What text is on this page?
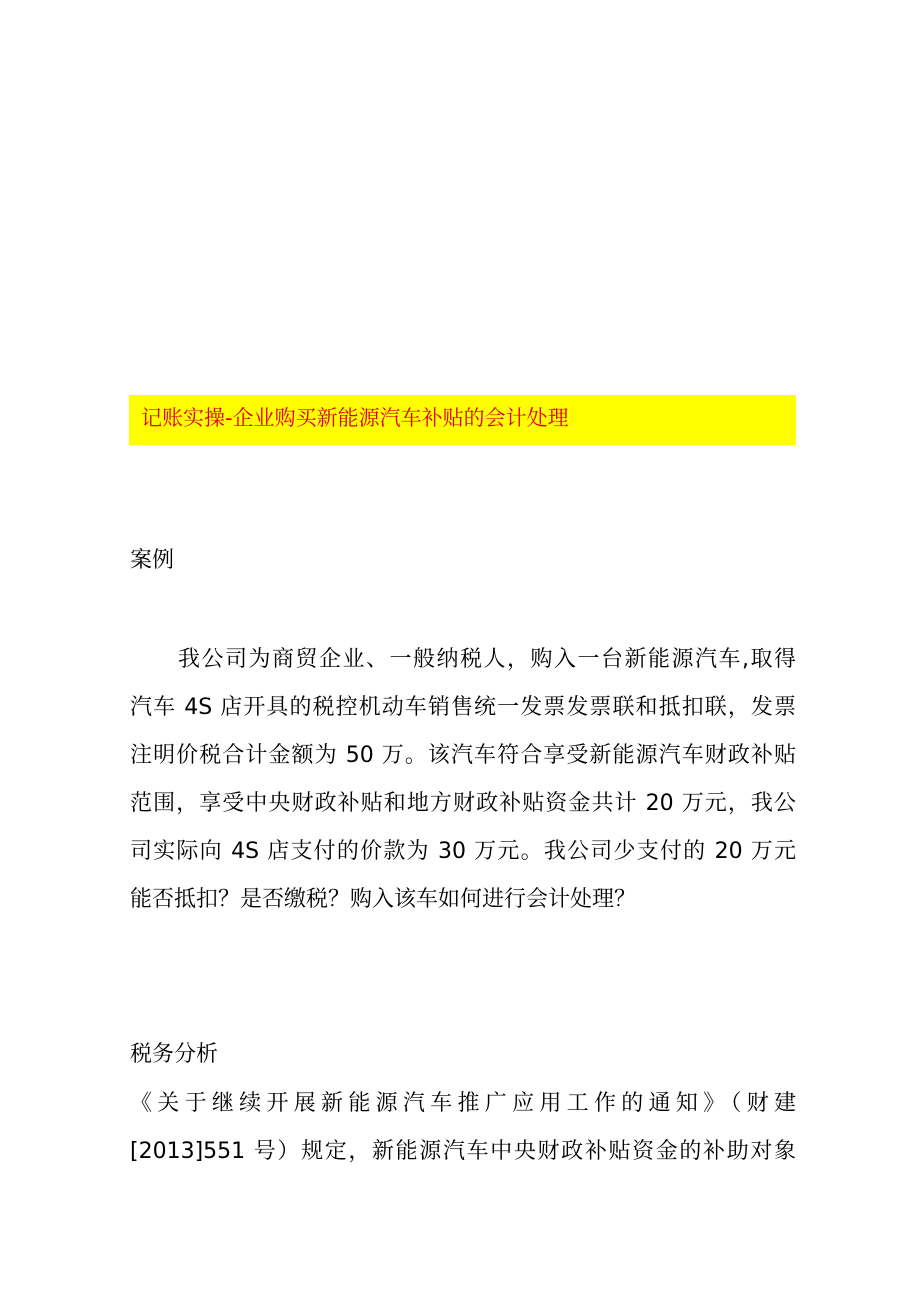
记账实操-企业购买新能源汽车补贴的会计处理
案例
我公司为商贸企业、一般纳税人，购入一台新能源汽车,取得
汽车 4S 店开具的税控机动车销售统一发票发票联和抵扣联，发票
注明价税合计金额为 50 万。该汽车符合享受新能源汽车财政补贴
范围，享受中央财政补贴和地方财政补贴资金共计 20 万元，我公
司实际向 4S 店支付的价款为 30 万元。我公司少支付的 20 万元
能否抵扣？是否缴税？购入该车如何进行会计处理？
税务分析
《关于继续开展新能源汽车推广应用工作的通知》（财建
[2013]551 号）规定，新能源汽车中央财政补贴资金的补助对象
